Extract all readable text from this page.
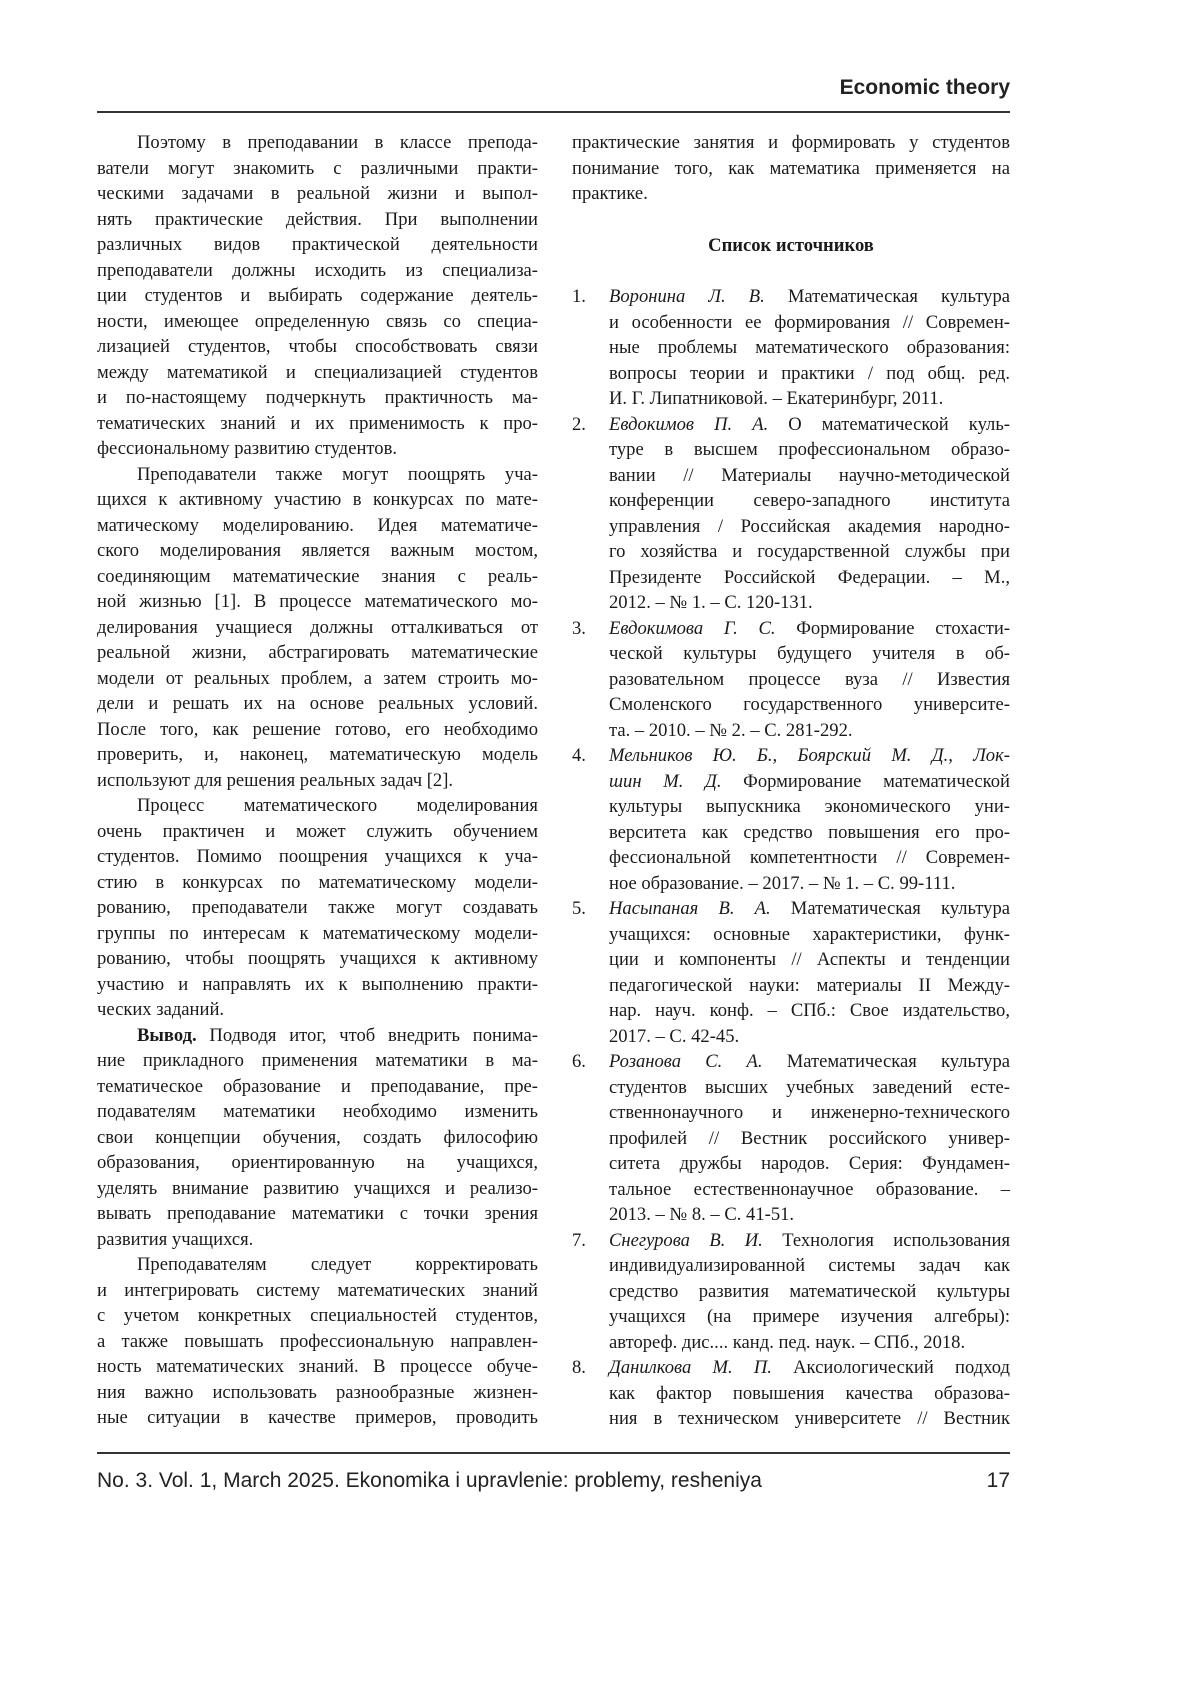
Economic theory
Поэтому в преподавании в классе препода-
ватели могут знакомить с различными практи-
ческими задачами в реальной жизни и выпол-
нять практические действия. При выполнении
различных видов практической деятельности
преподаватели должны исходить из специализа-
ции студентов и выбирать содержание деятель-
ности, имеющее определенную связь со специа-
лизацией студентов, чтобы способствовать связи
между математикой и специализацией студентов
и по-настоящему подчеркнуть практичность ма-
тематических знаний и их применимость к про-
фессиональному развитию студентов.
Преподаватели также могут поощрять уча-
щихся к активному участию в конкурсах по мате-
матическому моделированию. Идея математиче-
ского моделирования является важным мостом,
соединяющим математические знания с реаль-
ной жизнью [1]. В процессе математического мо-
делирования учащиеся должны отталкиваться от
реальной жизни, абстрагировать математические
модели от реальных проблем, а затем строить мо-
дели и решать их на основе реальных условий.
После того, как решение готово, его необходимо
проверить, и, наконец, математическую модель
используют для решения реальных задач [2].
Процесс математического моделирования
очень практичен и может служить обучением
студентов. Помимо поощрения учащихся к уча-
стию в конкурсах по математическому модели-
рованию, преподаватели также могут создавать
группы по интересам к математическому модели-
рованию, чтобы поощрять учащихся к активному
участию и направлять их к выполнению практи-
ческих заданий.
Вывод. Подводя итог, чтоб внедрить понима-
ние прикладного применения математики в ма-
тематическое образование и преподавание, пре-
подавателям математики необходимо изменить
свои концепции обучения, создать философию
образования, ориентированную на учащихся,
уделять внимание развитию учащихся и реализо-
вывать преподавание математики с точки зрения
развития учащихся.
Преподавателям следует корректировать
и интегрировать систему математических знаний
с учетом конкретных специальностей студентов,
а также повышать профессиональную направлен-
ность математических знаний. В процессе обуче-
ния важно использовать разнообразные жизнен-
ные ситуации в качестве примеров, проводить
практические занятия и формировать у студентов
понимание того, как математика применяется на
практике.
Список источников
1. Воронина Л. В. Математическая культура
и особенности ее формирования // Современ-
ные проблемы математического образования:
вопросы теории и практики / под общ. ред.
И. Г. Липатниковой. – Екатеринбург, 2011.
2. Евдокимов П. А. О математической куль-
туре в высшем профессиональном образо-
вании // Материалы научно-методической
конференции северо-западного института
управления / Российская академия народно-
го хозяйства и государственной службы при
Президенте Российской Федерации. – М.,
2012. – № 1. – С. 120-131.
3. Евдокимова Г. С. Формирование стохасти-
ческой культуры будущего учителя в об-
разовательном процессе вуза // Известия
Смоленского государственного университе-
та. – 2010. – № 2. – С. 281-292.
4. Мельников Ю. Б., Боярский М. Д., Лок-
шин М. Д. Формирование математической
культуры выпускника экономического уни-
верситета как средство повышения его про-
фессиональной компетентности // Современ-
ное образование. – 2017. – № 1. – С. 99-111.
5. Насыпаная В. А. Математическая культура
учащихся: основные характеристики, функ-
ции и компоненты // Аспекты и тенденции
педагогической науки: материалы II Между-
нар. науч. конф. – СПб.: Свое издательство,
2017. – С. 42-45.
6. Розанова С. А. Математическая культура
студентов высших учебных заведений есте-
ственнонаучного и инженерно-технического
профилей // Вестник российского универ-
ситета дружбы народов. Серия: Фундамен-
тальное естественнонаучное образование. –
2013. – № 8. – С. 41-51.
7. Снегурова В. И. Технология использования
индивидуализированной системы задач как
средство развития математической культуры
учащихся (на примере изучения алгебры):
автореф. дис.... канд. пед. наук. – СПб., 2018.
8. Данилкова М. П. Аксиологический подход
как фактор повышения качества образова-
ния в техническом университете // Вестник
No. 3. Vol. 1, March 2025. Ekonomika i upravlenie: problemy, resheniya	17
